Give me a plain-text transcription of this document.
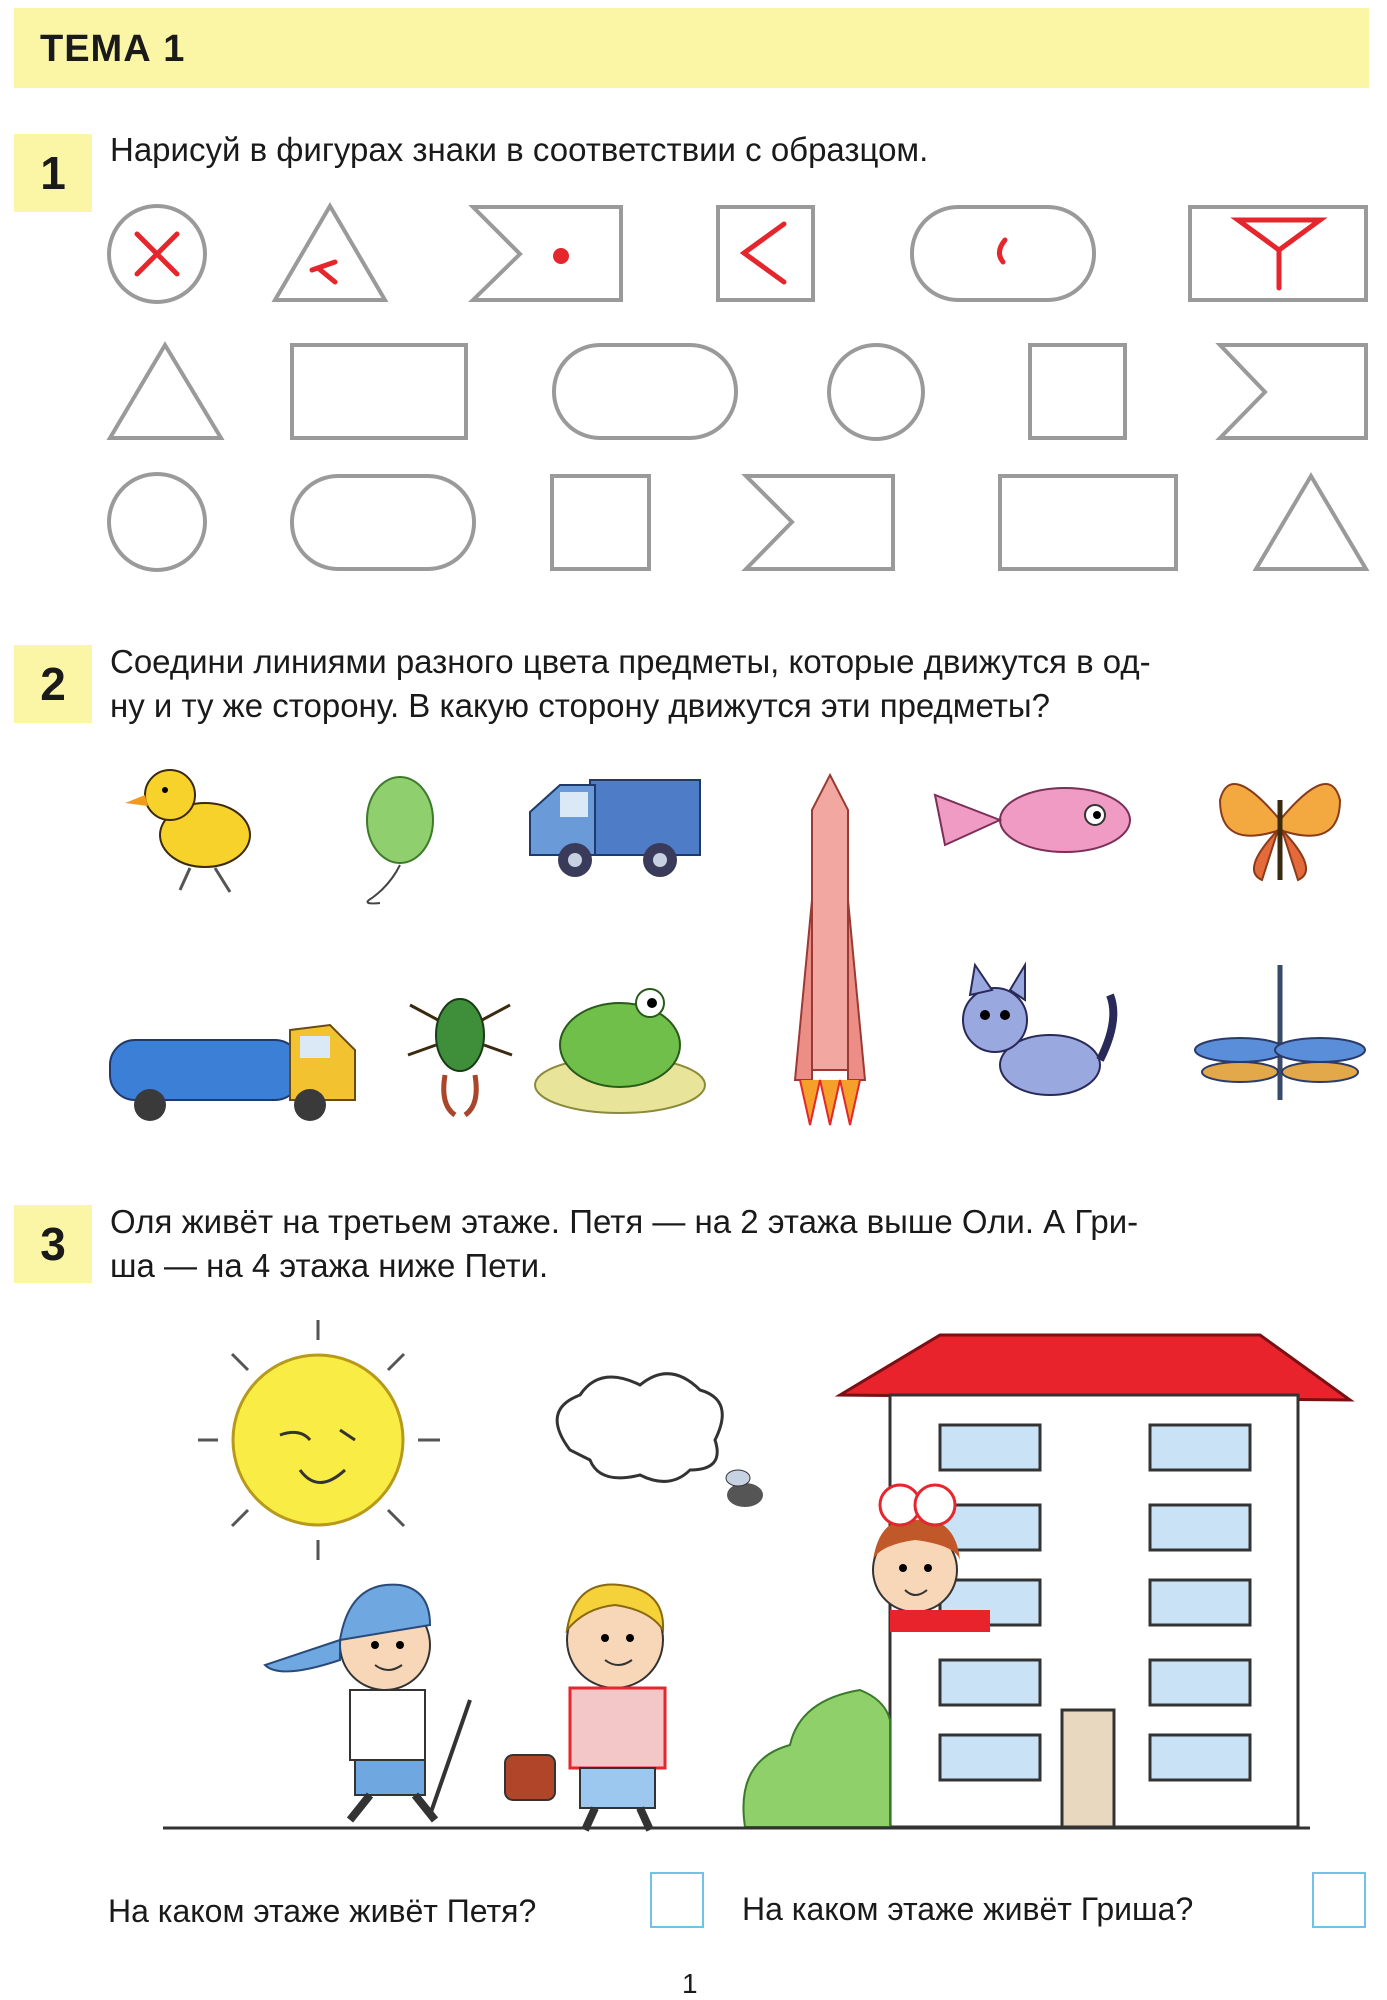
ТЕМА 1
1	Нарисуй в фигурах знаки в соответствии с образцом.
2	Соедини линиями разного цвета предметы, которые движутся в од-
ну и ту же сторону. В какую сторону движутся эти предметы?
3	Оля живёт на третьем этаже. Петя — на 2 этажа выше Оли. А Гри-
ша — на 4 этажа ниже Пети.
На каком этаже живёт Петя?	На каком этаже живёт Гриша?
1
